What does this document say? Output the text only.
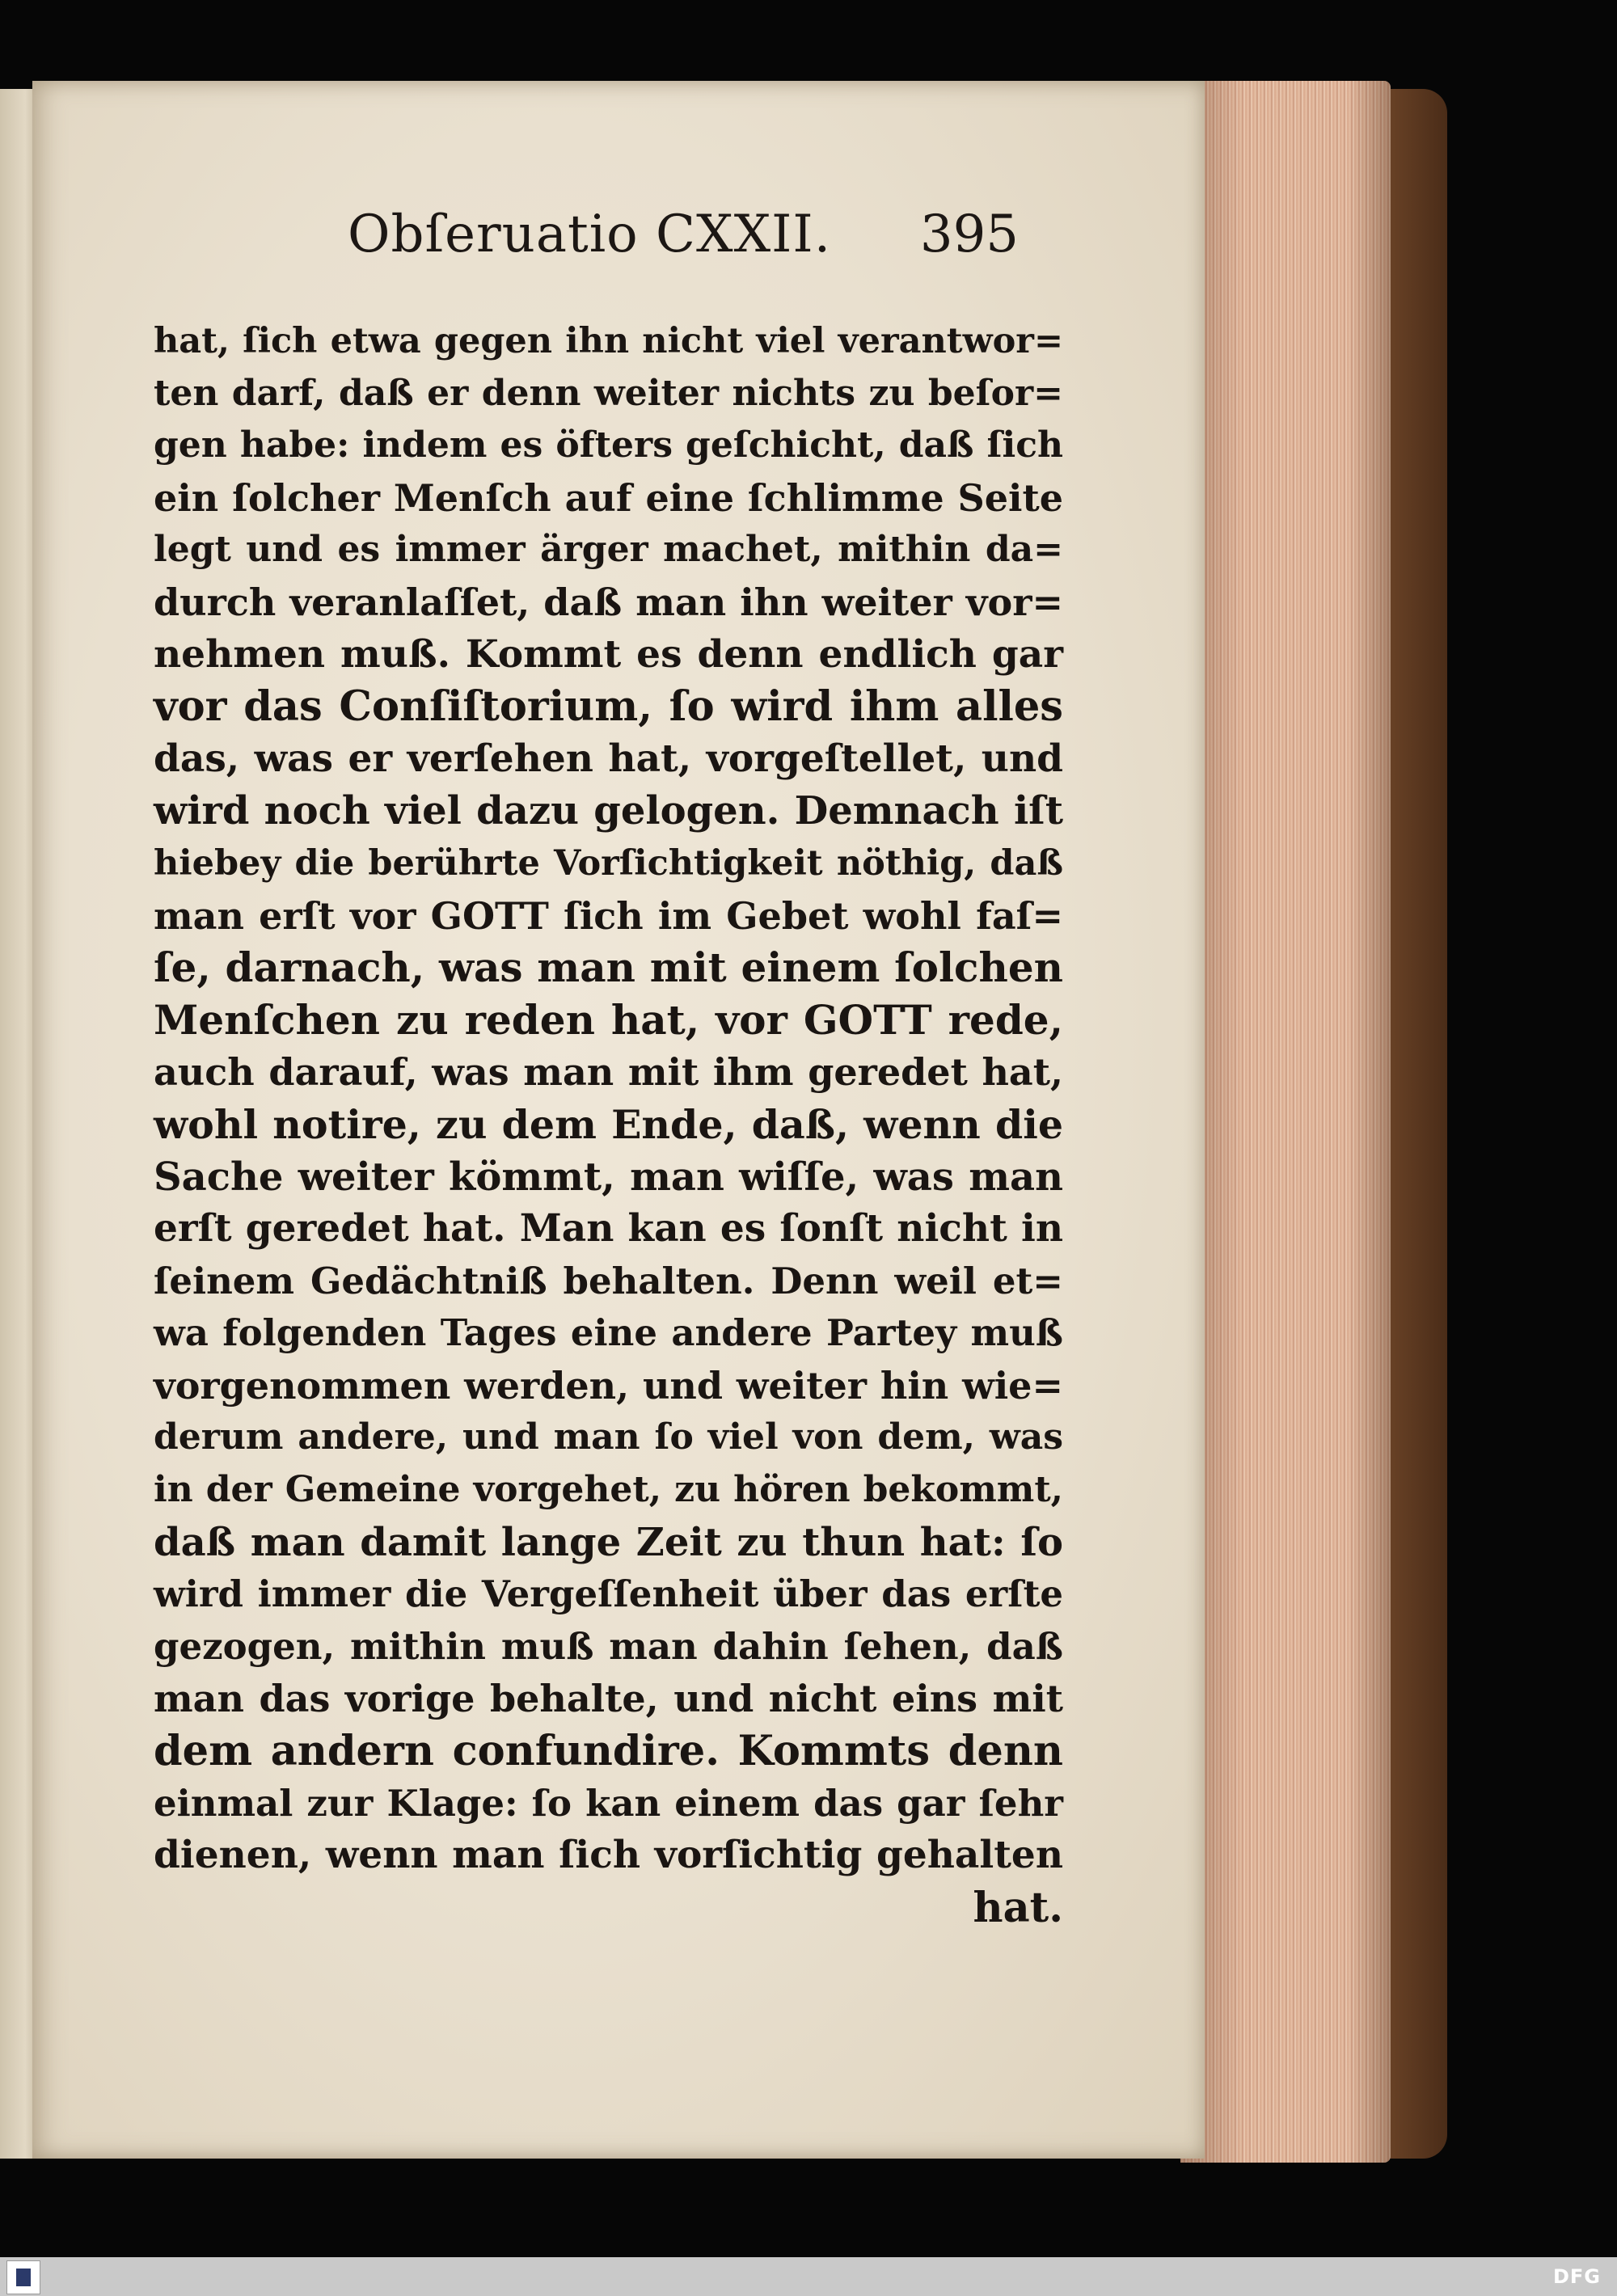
Obſeruatio CXXII. 395
hat, ſich etwa gegen ihn nicht viel verantwor=
ten darf, daß er denn weiter nichts zu beſor=
gen habe: indem es öfters geſchicht, daß ſich
ein ſolcher Menſch auf eine ſchlimme Seite
legt und es immer ärger machet, mithin da=
durch veranlaſſet, daß man ihn weiter vor=
nehmen muß. Kommt es denn endlich gar
vor das Conſiſtorium, ſo wird ihm alles
das, was er verſehen hat, vorgeſtellet, und
wird noch viel dazu gelogen. Demnach iſt
hiebey die berührte Vorſichtigkeit nöthig, daß
man erſt vor GOTT ſich im Gebet wohl faſ=
ſe, darnach, was man mit einem ſolchen
Menſchen zu reden hat, vor GOTT rede,
auch darauf, was man mit ihm geredet hat,
wohl notire, zu dem Ende, daß, wenn die
Sache weiter kömmt, man wiſſe, was man
erſt geredet hat. Man kan es ſonſt nicht in
ſeinem Gedächtniß behalten. Denn weil et=
wa folgenden Tages eine andere Partey muß
vorgenommen werden, und weiter hin wie=
derum andere, und man ſo viel von dem, was
in der Gemeine vorgehet, zu hören bekommt,
daß man damit lange Zeit zu thun hat: ſo
wird immer die Vergeſſenheit über das erſte
gezogen, mithin muß man dahin ſehen, daß
man das vorige behalte, und nicht eins mit
dem andern confundire. Kommts denn
einmal zur Klage: ſo kan einem das gar ſehr
dienen, wenn man ſich vorſichtig gehalten
hat.
DFG
